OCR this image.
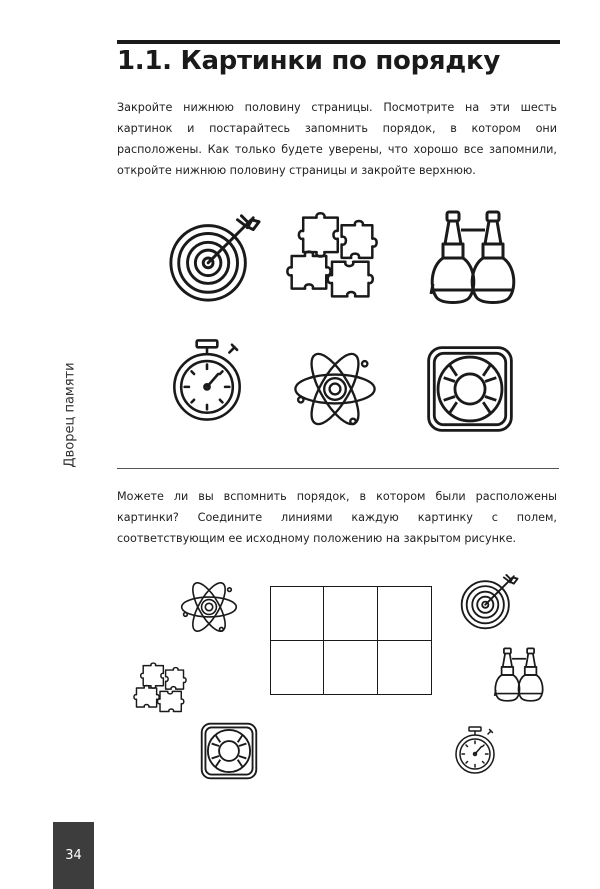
1.1. Картинки по порядку

Закройте нижнюю половину страницы. Посмотрите на эти шесть картинок и постарайтесь запомнить порядок, в котором они расположены. Как только будете уверены, что хорошо все запомнили, откройте нижнюю половину страницы и закройте верхнюю.

Можете ли вы вспомнить порядок, в котором были расположены картинки? Соедините линиями каждую картинку с полем, соответствующим ее исходному положению на закрытом рисунке.

Дворец памяти
34
